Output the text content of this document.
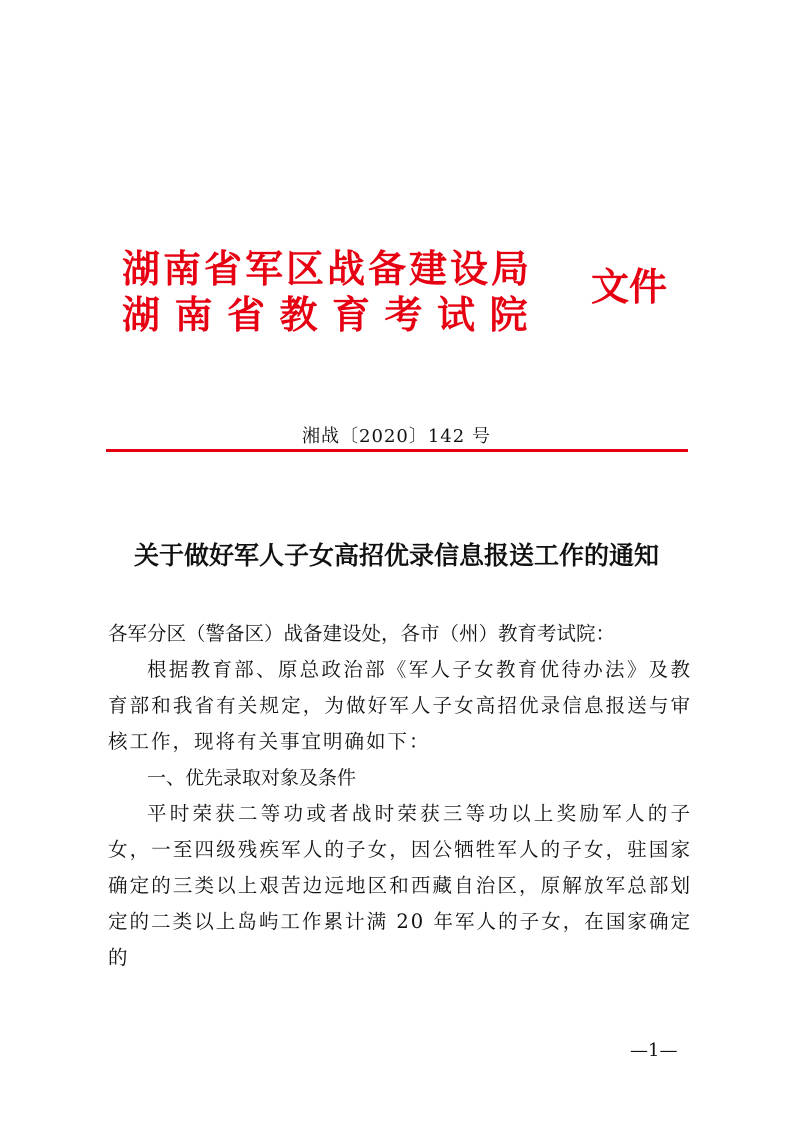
湖南省军区战备建设局
湖南省教育考试院
文件
湘战〔2020〕142 号
关于做好军人子女高招优录信息报送工作的通知
各军分区（警备区）战备建设处，各市（州）教育考试院：
根据教育部、原总政治部《军人子女教育优待办法》及教育部和我省有关规定，为做好军人子女高招优录信息报送与审核工作，现将有关事宜明确如下：
一、优先录取对象及条件
平时荣获二等功或者战时荣获三等功以上奖励军人的子女，一至四级残疾军人的子女，因公牺牲军人的子女，驻国家确定的三类以上艰苦边远地区和西藏自治区，原解放军总部划定的二类以上岛屿工作累计满 20 年军人的子女，在国家确定的
—1—
